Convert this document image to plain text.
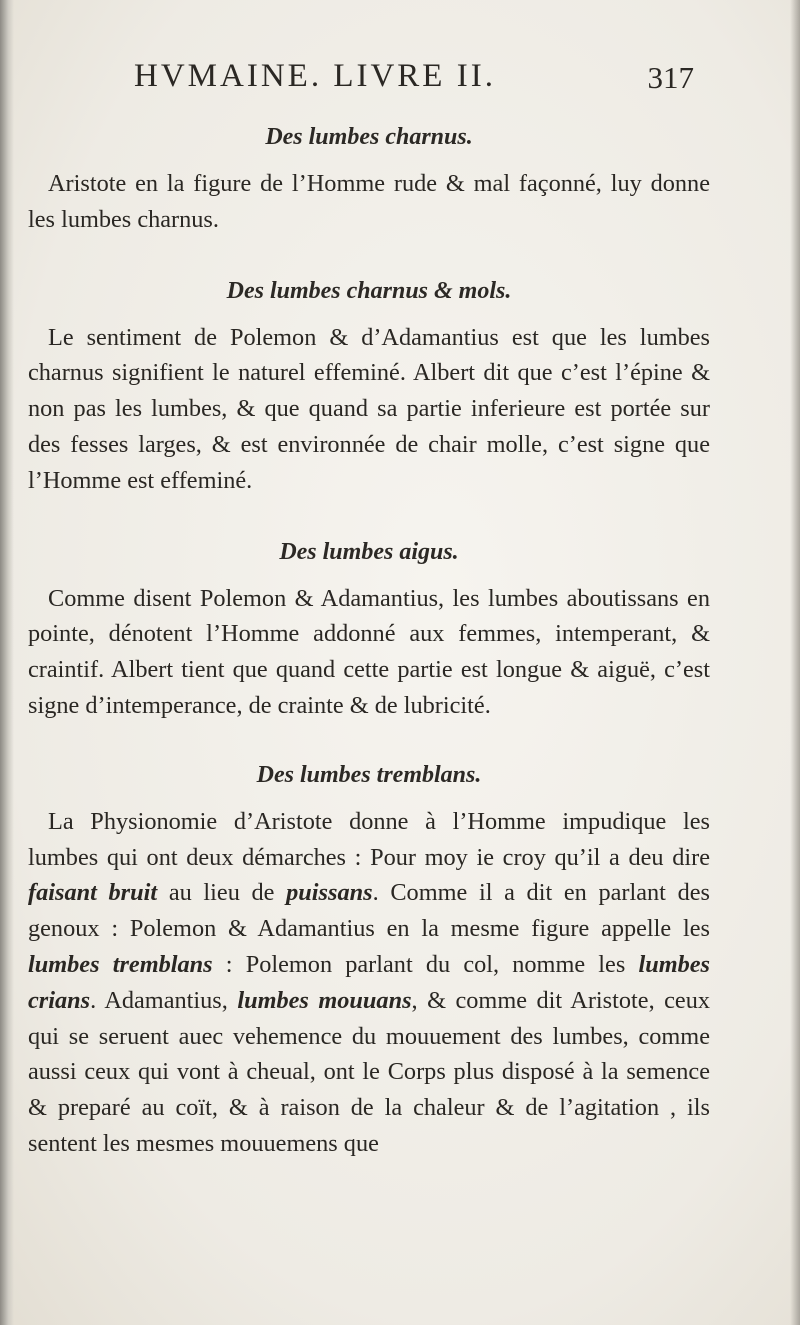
HVMAINE. LIVRE II.	317
Des lumbes charnus.

Aristote en la figure de l’Homme rude & mal façonné, luy donne les lumbes charnus.

Des lumbes charnus & mols.

Le sentiment de Polemon & d’Adamantius est que les lumbes charnus signifient le naturel effeminé. Albert dit que c’est l’épine & non pas les lumbes, & que quand sa partie inferieure est portée sur des fesses larges, & est environnée de chair molle, c’est signe que l’Homme est effeminé.

Des lumbes aigus.

Comme disent Polemon & Adamantius, les lumbes aboutissans en pointe, dénotent l’Homme addonné aux femmes, intemperant, & craintif. Albert tient que quand cette partie est longue & aiguë, c’est signe d’intemperance, de crainte & de lubricité.

Des lumbes tremblans.

La Physionomie d’Aristote donne à l’Homme impudique les lumbes qui ont deux démarches : Pour moy ie croy qu’il a deu dire faisant bruit au lieu de puissans. Comme il a dit en parlant des genoux : Polemon & Adamantius en la mesme figure appelle les lumbes tremblans : Polemon parlant du col, nomme les lumbes crians. Adamantius, lumbes mouuans, & comme dit Aristote, ceux qui se seruent auec vehemence du mouuement des lumbes, comme aussi ceux qui vont à cheual, ont le Corps plus disposé à la semence & preparé au coït, & à raison de la chaleur & de l’agitation , ils sentent les mesmes mouuemens que
